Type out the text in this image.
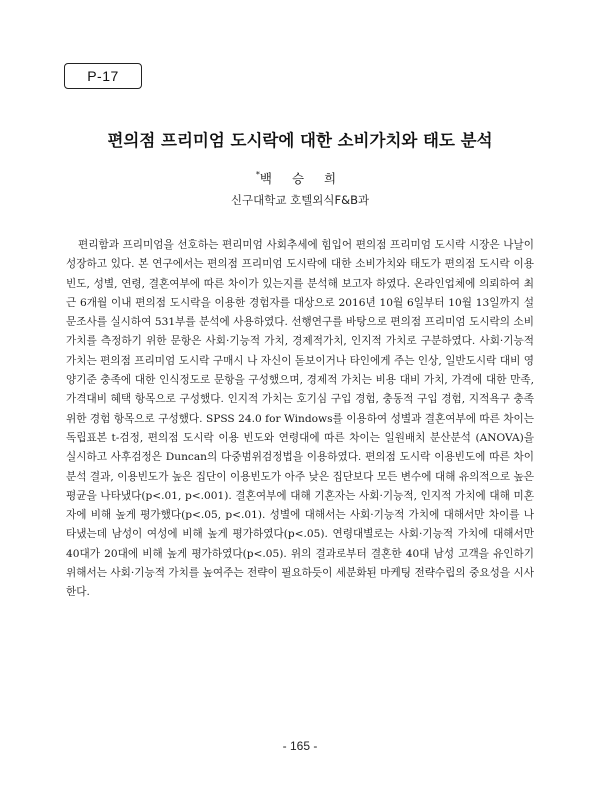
P-17
편의점 프리미엄 도시락에 대한 소비가치와 태도 분석
*백 승 희
신구대학교 호텔외식F&B과

편리함과 프리미엄을 선호하는 편리미엄 사회추세에 힘입어 편의점 프리미엄 도시락 시장은 나날이 성장하고 있다. 본 연구에서는 편의점 프리미엄 도시락에 대한 소비가치와 태도가 편의점 도시락 이용빈도, 성별, 연령, 결혼여부에 따른 차이가 있는지를 분석해 보고자 하였다. 온라인업체에 의뢰하여 최근 6개월 이내 편의점 도시락을 이용한 경험자를 대상으로 2016년 10월 6일부터 10월 13일까지 설문조사를 실시하여 531부를 분석에 사용하였다. 선행연구를 바탕으로 편의점 프리미엄 도시락의 소비가치를 측정하기 위한 문항은 사회·기능적 가치, 경제적가치, 인지적 가치로 구분하였다. 사회·기능적 가치는 편의점 프리미엄 도시락 구매시 나 자신이 돋보이거나 타인에게 주는 인상, 일반도시락 대비 영양기준 충족에 대한 인식정도로 문항을 구성했으며, 경제적 가치는 비용 대비 가치, 가격에 대한 만족, 가격대비 혜택 항목으로 구성했다. 인지적 가치는 호기심 구입 경험, 충동적 구입 경험, 지적욕구 충족 위한 경험 항목으로 구성했다. SPSS 24.0 for Windows를 이용하여 성별과 결혼여부에 따른 차이는 독립표본 t-검정, 편의점 도시락 이용 빈도와 연령대에 따른 차이는 일원배치 분산분석 (ANOVA)을 실시하고 사후검정은 Duncan의 다중범위검정법을 이용하였다. 편의점 도시락 이용빈도에 따른 차이분석 결과, 이용빈도가 높은 집단이 이용빈도가 아주 낮은 집단보다 모든 변수에 대해 유의적으로 높은 평균을 나타냈다(p<.01, p<.001). 결혼여부에 대해 기혼자는 사회·기능적, 인지적 가치에 대해 미혼자에 비해 높게 평가했다(p<.05, p<.01). 성별에 대해서는 사회·기능적 가치에 대해서만 차이를 나타냈는데 남성이 여성에 비해 높게 평가하였다(p<.05). 연령대별로는 사회·기능적 가치에 대해서만 40대가 20대에 비해 높게 평가하였다(p<.05). 위의 결과로부터 결혼한 40대 남성 고객을 유인하기 위해서는 사회·기능적 가치를 높여주는 전략이 필요하듯이 세분화된 마케팅 전략수립의 중요성을 시사한다.

- 165 -
